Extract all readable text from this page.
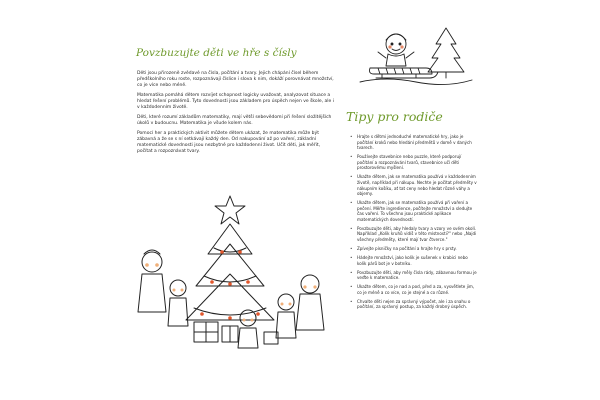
Povzbuzujte děti ve hře s čísly

Děti jsou přirozeně zvědavé na čísla, počítání a tvary. Jejich chápání čísel během předškolního roku roste, rozpoznávají číslice i slova k nim, dokáží porovnávat množství, co je více nebo méně.

Matematika pomáhá dětem rozvíjet schopnost logicky uvažovat, analyzovat situace a hledat řešení problémů. Tyto dovednosti jsou základem pro úspěch nejen ve škole, ale i v každodenním životě.

Děti, které rozumí základům matematiky, mají větší sebevědomí při řešení složitějších úkolů v budoucnu. Matematika je všude kolem nás.

Pomocí her a praktických aktivit můžete dětem ukázat, že matematika může být zábavná a že se s ní setkávají každý den. Od nakupování až po vaření, základní matematické dovednosti jsou nezbytné pro každodenní život. Učit děti, jak měřit, počítat a rozpoznávat tvary.

Tipy pro rodiče
• Hrajte s dětmi jednoduché matematické hry, jako je počítání kroků nebo hledání předmětů v domě v daných tvarech.
• Používejte stavebnice nebo puzzle, které podporují počítání a rozpoznávání tvarů, stavebnice učí děti prostorovému myšlení.
• Ukažte dětem, jak se matematika používá v každodenním životě, například při nákupu. Nechte je počítat předměty v nákupním košíku, ať tat ceny nebo hledat různé váhy a objemy.
• Ukažte dětem, jak se matematika používá při vaření a pečení. Měřte ingredience, počítejte množství a sledujte čas vaření. To všechno jsou praktické aplikace matematických dovedností.
• Povzbuzujte děti, aby hledaly tvary a vzory ve svém okolí. Například „Kolik kruhů vidíš v této místnosti?" nebo „Najdi všechny předměty, které mají tvar čtverce."
• Zpívejte písničky na počítání a hrajte hry s prsty.
• Hádejte množství, jako kolik je sušenek v krabici nebo kolik párů bot je v botníku.
• Povzbuzujte děti, aby měly čísla rády, zábavnou formou je veďte k matematice.
• Ukažte dětem, co je nad a pod, před a za, vysvětlete jim, co je méně a co více, co je stejné a co různé.
• Chvalte děti nejen za správný výpočet, ale i za snahu o počítání, za správný postup, za každý drobný úspěch.
